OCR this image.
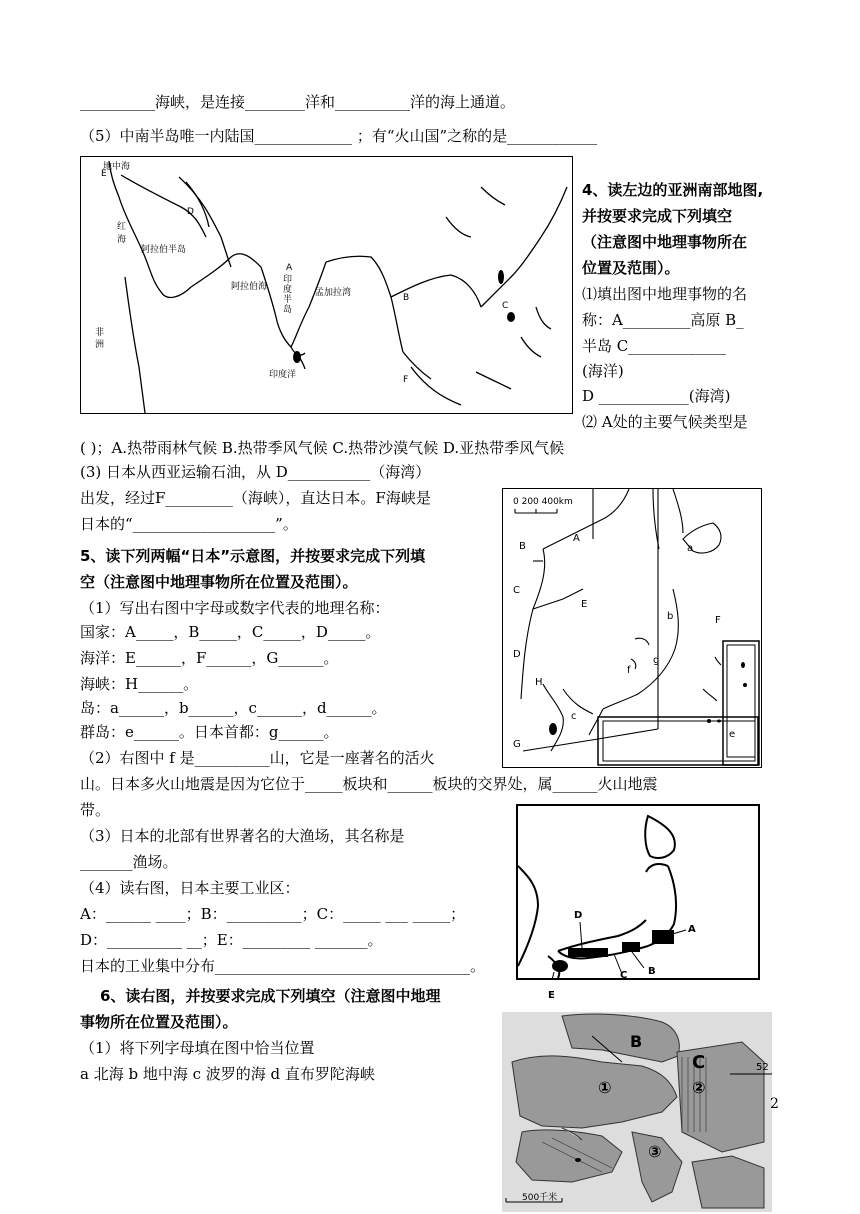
__________海峡，是连接________洋和__________洋的海上通道。
（5）中南半岛唯一内陆国_____________ ；有“火山国”之称的是____________
地中海
E
D
红海
阿拉伯半岛
阿拉伯海
A
印度半岛
孟加拉湾	B
C
印度洋	F
非洲
4、读左边的亚洲南部地图,
并按要求完成下列填空
（注意图中地理事物所在
位置及范围）。
⑴填出图中地理事物的名
称：A_________高原 B_
半岛 C_____________
(海洋)
D ____________(海湾)
⑵ A处的主要气候类型是
( )；A.热带雨林气候 B.热带季风气候 C.热带沙漠气候 D.亚热带季风气候
(3) 日本从西亚运输石油，从 D___________（海湾）
出发，经过F_________（海峡），直达日本。F海峡是
日本的“___________________”。
0 200 400km
A
B
C
D
E
F
G
H
a
b
c
d
e
f
g
5、读下列两幅“日本”示意图，并按要求完成下列填
空（注意图中地理事物所在位置及范围）。
（1）写出右图中字母或数字代表的地理名称：
国家：A_____，B_____，C_____，D_____。
海洋：E______，F______，G______。
海峡：H______。
岛：a______，b______，c______，d______。
群岛：e______。日本首都：g______。
（2）右图中 f 是__________山，它是一座著名的活火
山。日本多火山地震是因为它位于_____板块和______板块的交界处，属______火山地震
带。
（3）日本的北部有世界著名的大渔场，其名称是
_______渔场。
（4）读右图，日本主要工业区：
A：______ ____；B：__________；C：_____ ___ _____；
D：__________ __；E：_________ _______。
日本的工业集中分布__________________________________。
A
B
C
D
E
6、读右图，并按要求完成下列填空（注意图中地理
事物所在位置及范围）。
（1）将下列字母填在图中恰当位置
a 北海 b 地中海 c 波罗的海 d 直布罗陀海峡
B
C
①	②
③
52
500千米
2
